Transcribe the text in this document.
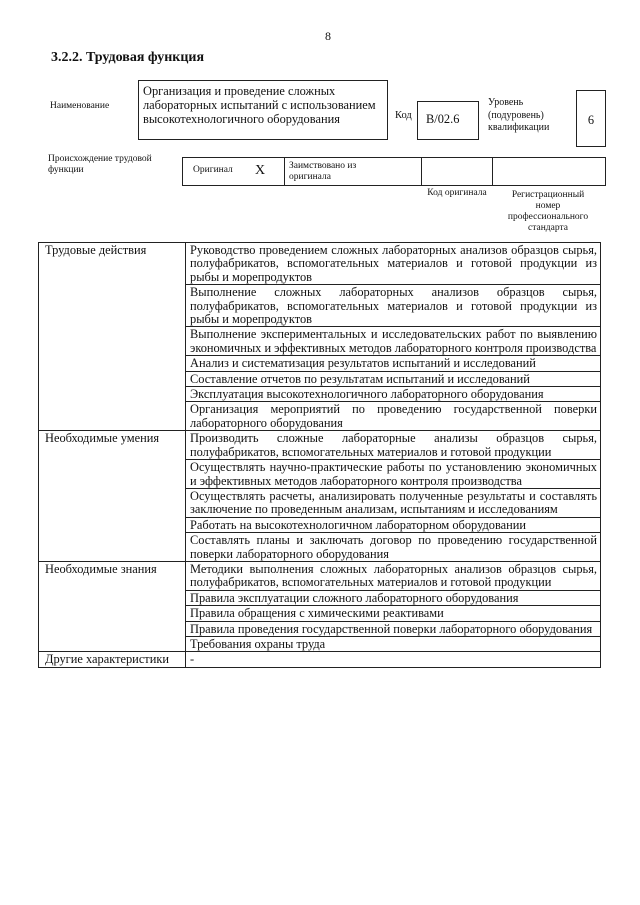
8
3.2.2. Трудовая функция
Наименование
Организация и проведение сложных лабораторных испытаний с использованием высокотехнологичного оборудования	Код	B/02.6
Уровень (подуровень) квалификации
6
Происхождение трудовой функции	Оригинал X	Заимствовано из оригинала
Код оригинала	Регистрационный номер профессионального стандарта
Трудовые действия	Руководство проведением сложных лабораторных анализов образцов сырья, полуфабрикатов, вспомогательных материалов и готовой продукции из рыбы и морепродуктов
	Выполнение сложных лабораторных анализов образцов сырья, полуфабрикатов, вспомогательных материалов и готовой продукции из рыбы и морепродуктов
	Выполнение экспериментальных и исследовательских работ по выявлению экономичных и эффективных методов лабораторного контроля производства
	Анализ и систематизация результатов испытаний и исследований
	Составление отчетов по результатам испытаний и исследований
	Эксплуатация высокотехнологичного лабораторного оборудования
	Организация мероприятий по проведению государственной поверки лабораторного оборудования
Необходимые умения	Производить сложные лабораторные анализы образцов сырья, полуфабрикатов, вспомогательных материалов и готовой продукции
	Осуществлять научно-практические работы по установлению экономичных и эффективных методов лабораторного контроля производства
	Осуществлять расчеты, анализировать полученные результаты и составлять заключение по проведенным анализам, испытаниям и исследованиям
	Работать на высокотехнологичном лабораторном оборудовании
	Составлять планы и заключать договор по проведению государственной поверки лабораторного оборудования
Необходимые знания	Методики выполнения сложных лабораторных анализов образцов сырья, полуфабрикатов, вспомогательных материалов и готовой продукции
	Правила эксплуатации сложного лабораторного оборудования
	Правила обращения с химическими реактивами
	Правила проведения государственной поверки лабораторного оборудования
	Требования охраны труда
Другие характеристики	-
